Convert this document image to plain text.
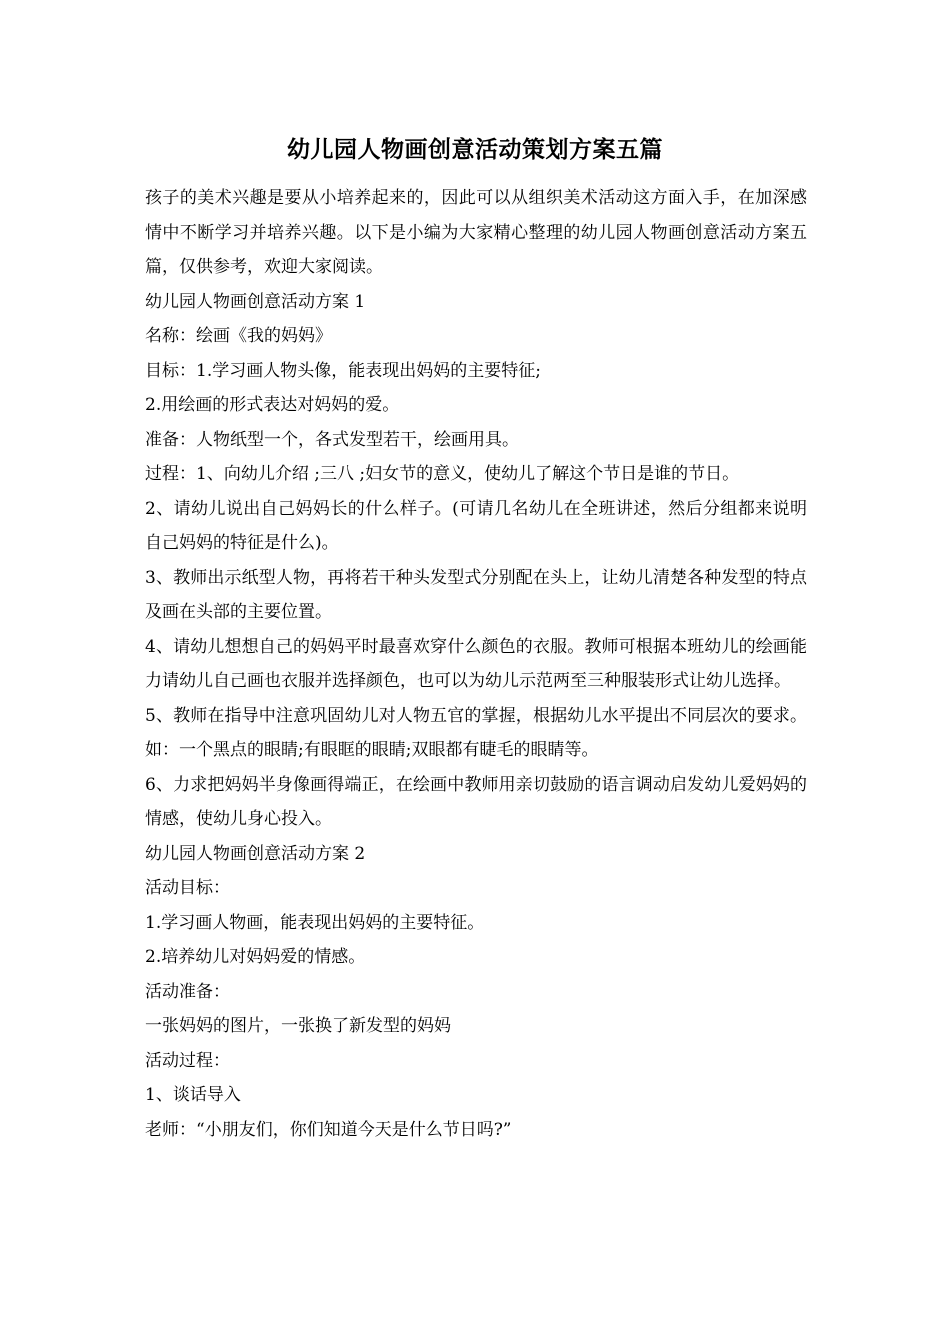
幼儿园人物画创意活动策划方案五篇

孩子的美术兴趣是要从小培养起来的，因此可以从组织美术活动这方面入手，在加深感情中不断学习并培养兴趣。以下是小编为大家精心整理的幼儿园人物画创意活动方案五篇，仅供参考，欢迎大家阅读。

幼儿园人物画创意活动方案 1

名称：绘画《我的妈妈》

目标：1.学习画人物头像，能表现出妈妈的主要特征;

2.用绘画的形式表达对妈妈的爱。

准备：人物纸型一个，各式发型若干，绘画用具。

过程：1、向幼儿介绍 ;三八 ;妇女节的意义，使幼儿了解这个节日是谁的节日。

2、请幼儿说出自己妈妈长的什么样子。(可请几名幼儿在全班讲述，然后分组都来说明自己妈妈的特征是什么)。

3、教师出示纸型人物，再将若干种头发型式分别配在头上，让幼儿清楚各种发型的特点及画在头部的主要位置。

4、请幼儿想想自己的妈妈平时最喜欢穿什么颜色的衣服。教师可根据本班幼儿的绘画能力请幼儿自己画也衣服并选择颜色，也可以为幼儿示范两至三种服装形式让幼儿选择。

5、教师在指导中注意巩固幼儿对人物五官的掌握，根据幼儿水平提出不同层次的要求。如：一个黑点的眼睛;有眼眶的眼睛;双眼都有睫毛的眼睛等。

6、力求把妈妈半身像画得端正，在绘画中教师用亲切鼓励的语言调动启发幼儿爱妈妈的情感，使幼儿身心投入。

幼儿园人物画创意活动方案 2

活动目标：

1.学习画人物画，能表现出妈妈的主要特征。

2.培养幼儿对妈妈爱的情感。

活动准备：

一张妈妈的图片，一张换了新发型的妈妈

活动过程：

1、谈话导入

老师：“小朋友们，你们知道今天是什么节日吗?”
